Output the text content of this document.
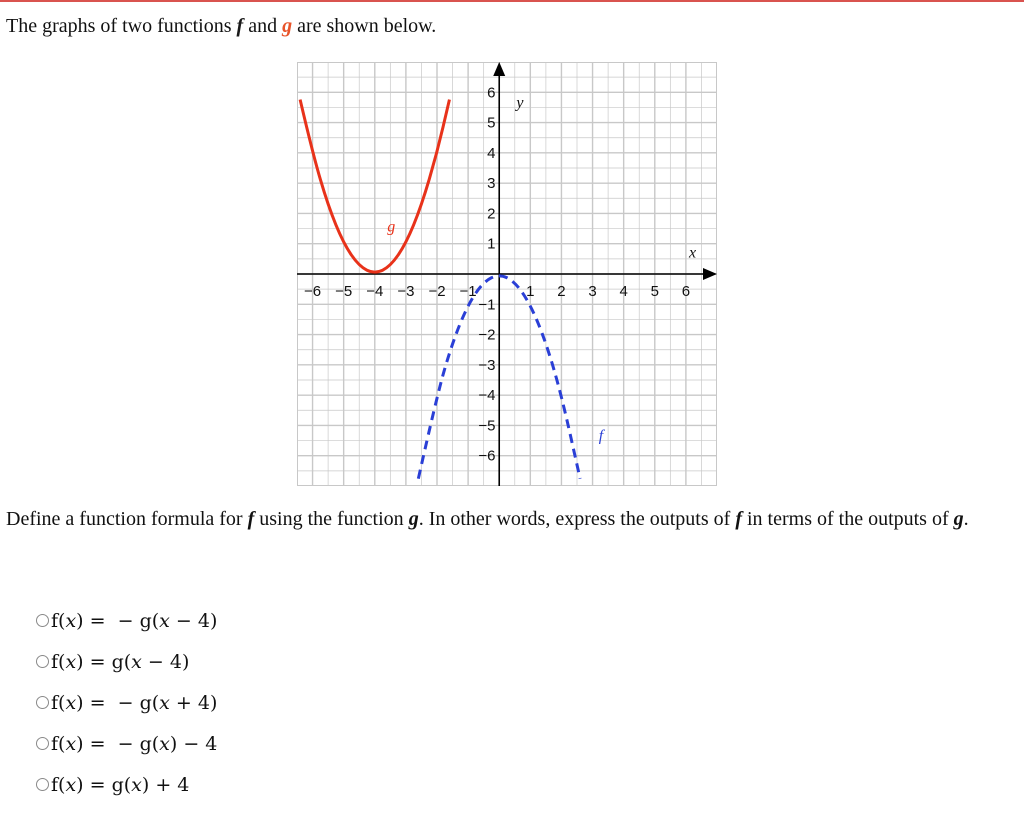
The graphs of two functions f and g are shown below.
−6 −5 −4 −3 −2 −1	1 2 3 4 5 6
6
5
4
3
2
1
−1
−2
−3
−4
−5
−6
x
y
g
f
Define a function formula for f using the function g. In other words, express the outputs of f in terms of the outputs of g.
f(𝑥) =  − g(𝑥 − 4)
f(𝑥) = g(𝑥 − 4)
f(𝑥) =  − g(𝑥 + 4)
f(𝑥) =  − g(𝑥) − 4
f(𝑥) = g(𝑥) + 4
